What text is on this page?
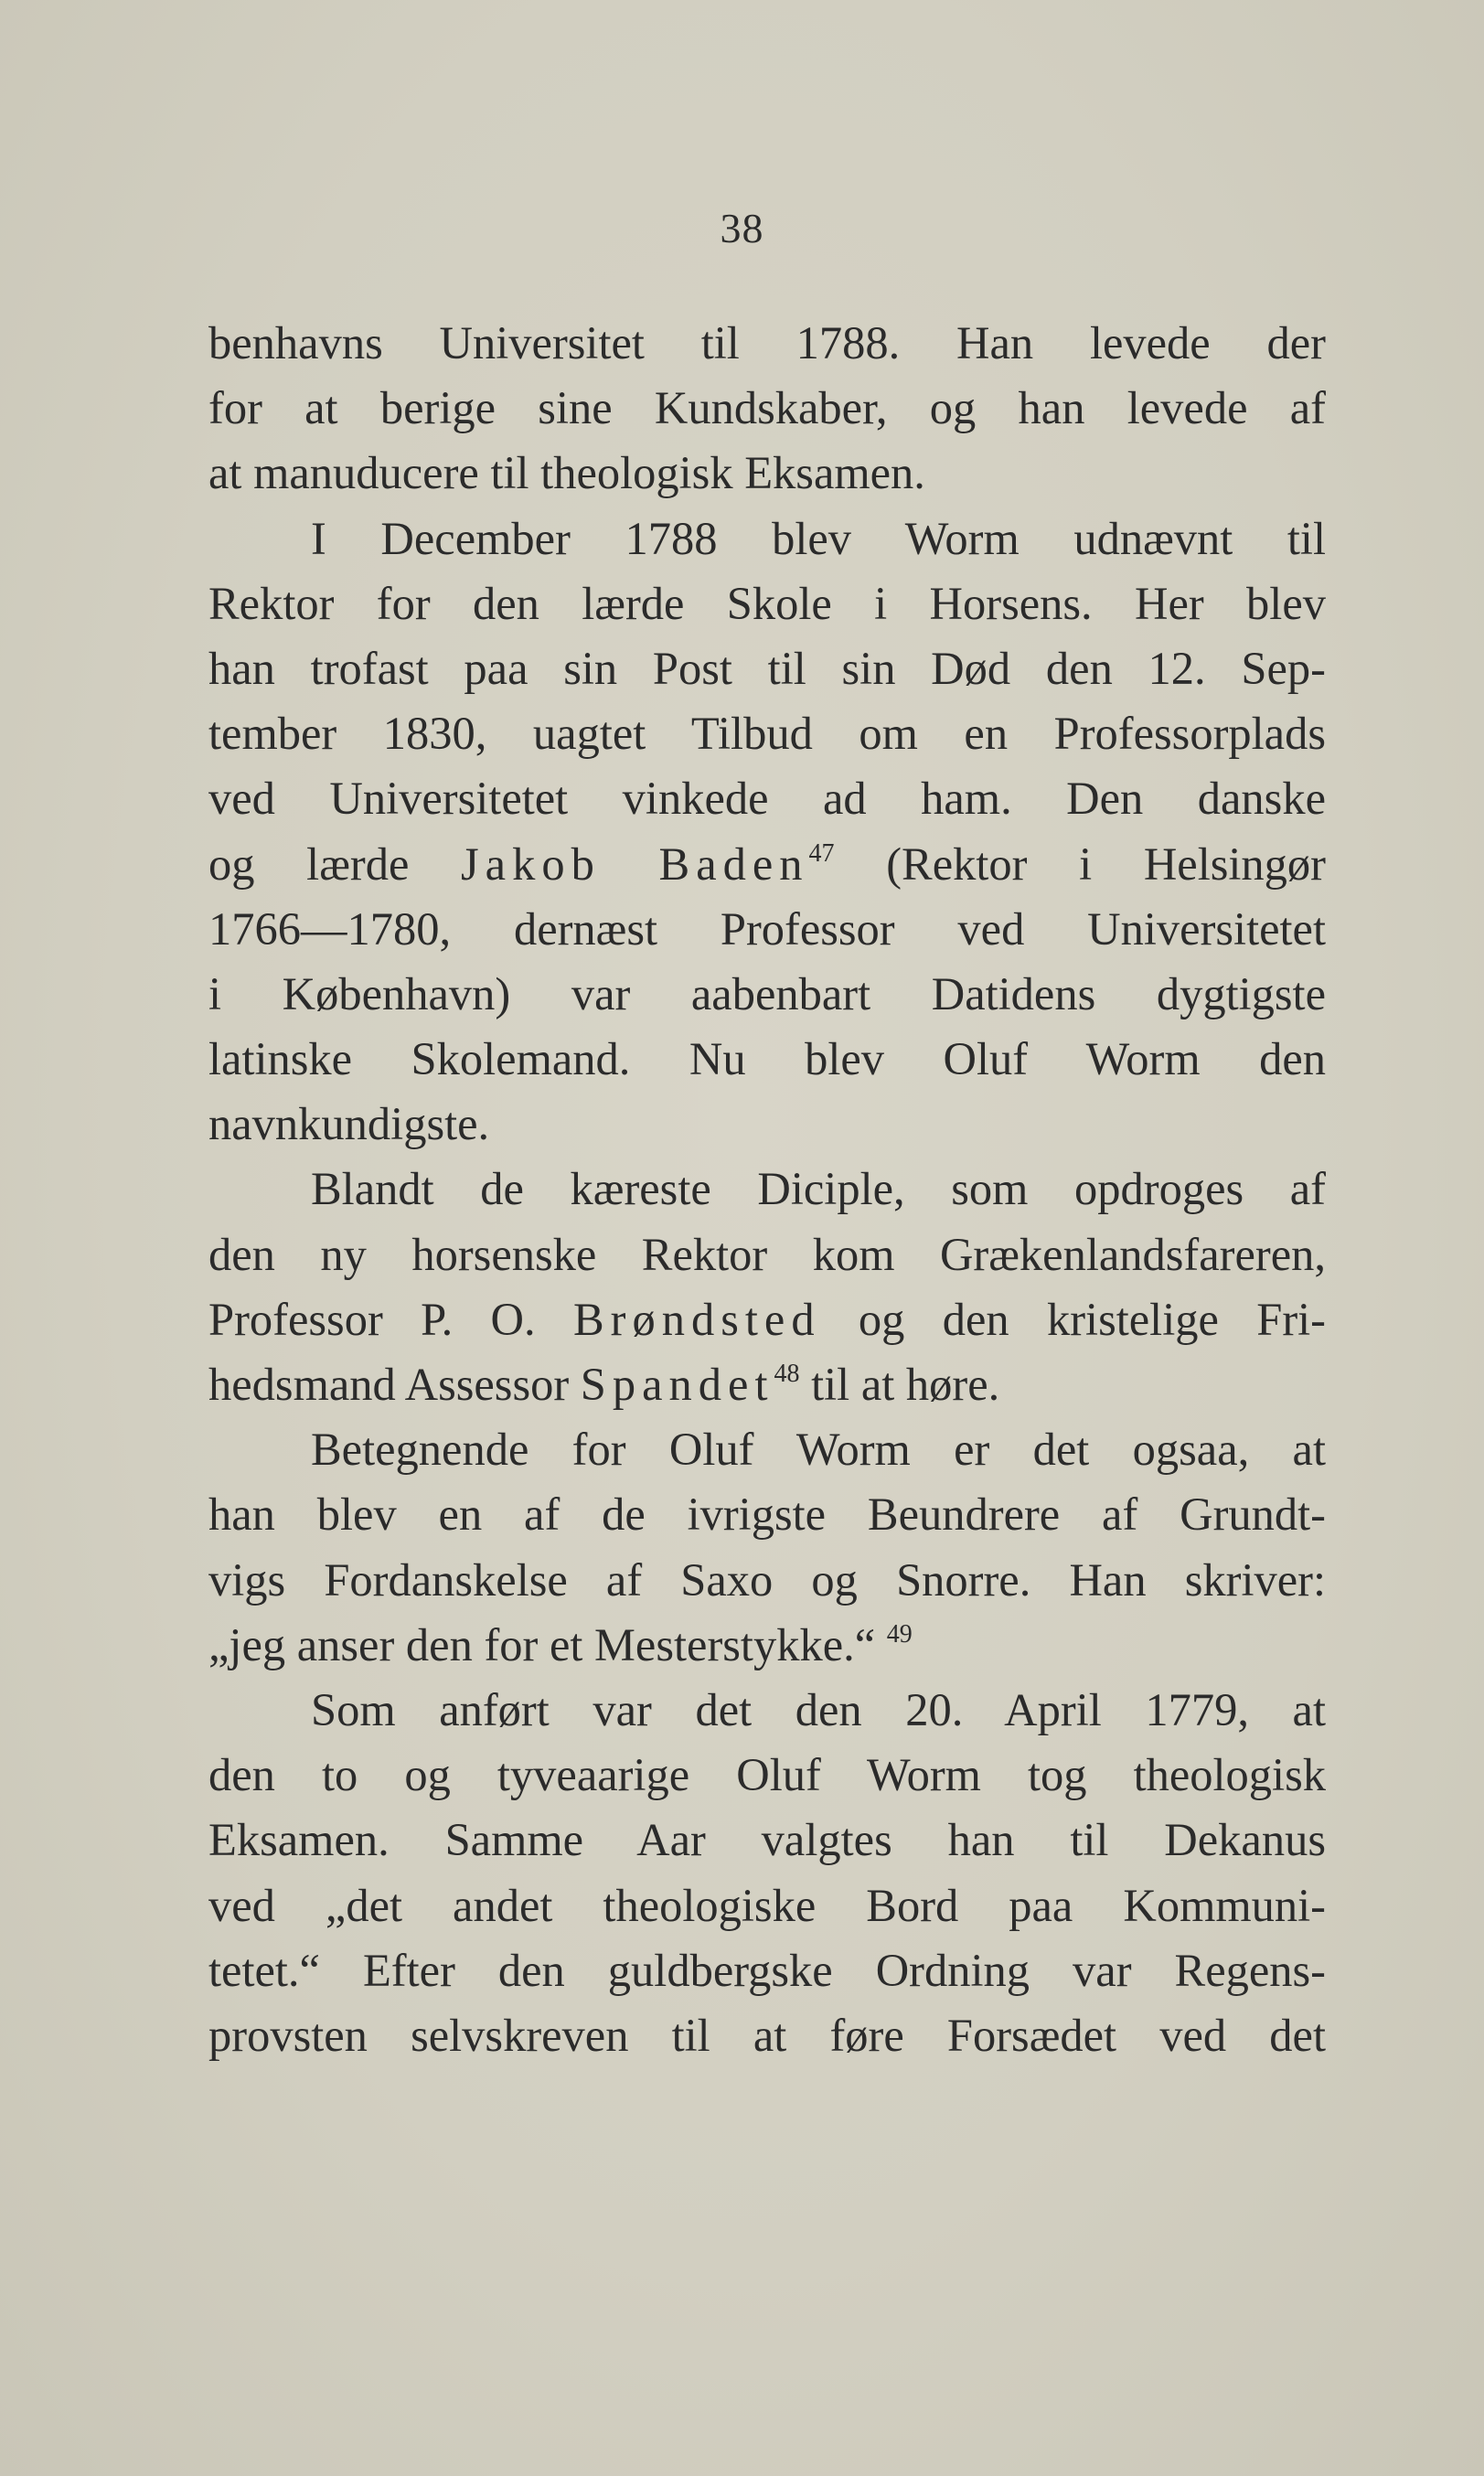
38
benhavns Universitet til 1788. Han levede der
for at berige sine Kundskaber, og han levede af
at manuducere til theologisk Eksamen.
I December 1788 blev Worm udnævnt til
Rektor for den lærde Skole i Horsens. Her blev
han trofast paa sin Post til sin Død den 12. Sep-
tember 1830, uagtet Tilbud om en Professorplads
ved Universitetet vinkede ad ham. Den danske
og lærde Jakob Baden$^{47}$ (Rektor i Helsingør
1766—1780, dernæst Professor ved Universitetet
i København) var aabenbart Datidens dygtigste
latinske Skolemand. Nu blev Oluf Worm den
navnkundigste.
Blandt de kæreste Diciple, som opdroges af
den ny horsenske Rektor kom Grækenlandsfareren,
Professor P. O. Brøndsted og den kristelige Fri-
hedsmand Assessor Spandet$^{48}$ til at høre.
Betegnende for Oluf Worm er det ogsaa, at
han blev en af de ivrigste Beundrere af Grundt-
vigs Fordanskelse af Saxo og Snorre. Han skriver:
„jeg anser den for et Mesterstykke.“ $^{49}$
Som anført var det den 20. April 1779, at
den to og tyveaarige Oluf Worm tog theologisk
Eksamen. Samme Aar valgtes han til Dekanus
ved „det andet theologiske Bord paa Kommuni-
tetet.“ Efter den guldbergske Ordning var Regens-
provsten selvskreven til at føre Forsædet ved det
